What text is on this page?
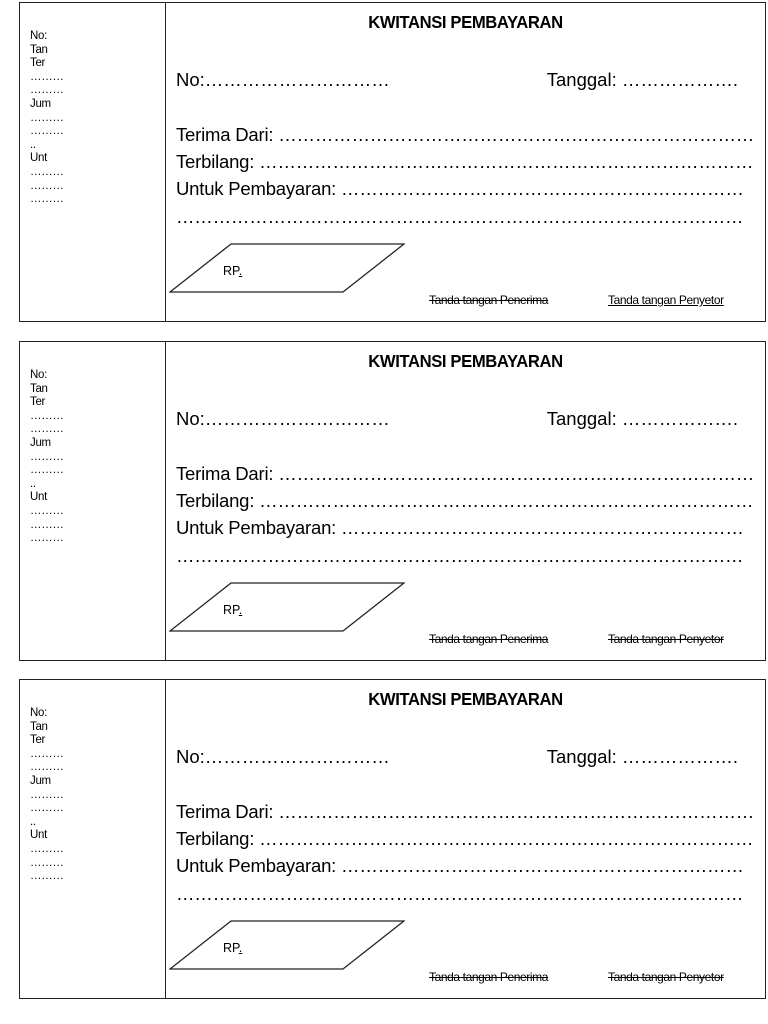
No:
Tan
Ter
………
………
Jum
………
………
..
Unt
………
………
………
KWITANSI PEMBAYARAN
No:…………………………	Tanggal: ……………….
Terima Dari: ……………………………………………………………………
Terbilang: ………………………………………………………………………
Untuk Pembayaran: …………………………………………………………
…………………………………………………………………………………
RP.
Tanda tangan Penerima	Tanda tangan Penyetor
No:
Tan
Ter
………
………
Jum
………
………
..
Unt
………
………
………
KWITANSI PEMBAYARAN
No:…………………………	Tanggal: ……………….
Terima Dari: ……………………………………………………………………
Terbilang: ………………………………………………………………………
Untuk Pembayaran: …………………………………………………………
…………………………………………………………………………………
RP.
Tanda tangan Penerima	Tanda tangan Penyetor
No:
Tan
Ter
………
………
Jum
………
………
..
Unt
………
………
………
KWITANSI PEMBAYARAN
No:…………………………	Tanggal: ……………….
Terima Dari: ……………………………………………………………………
Terbilang: ………………………………………………………………………
Untuk Pembayaran: …………………………………………………………
…………………………………………………………………………………
RP.
Tanda tangan Penerima	Tanda tangan Penyetor
